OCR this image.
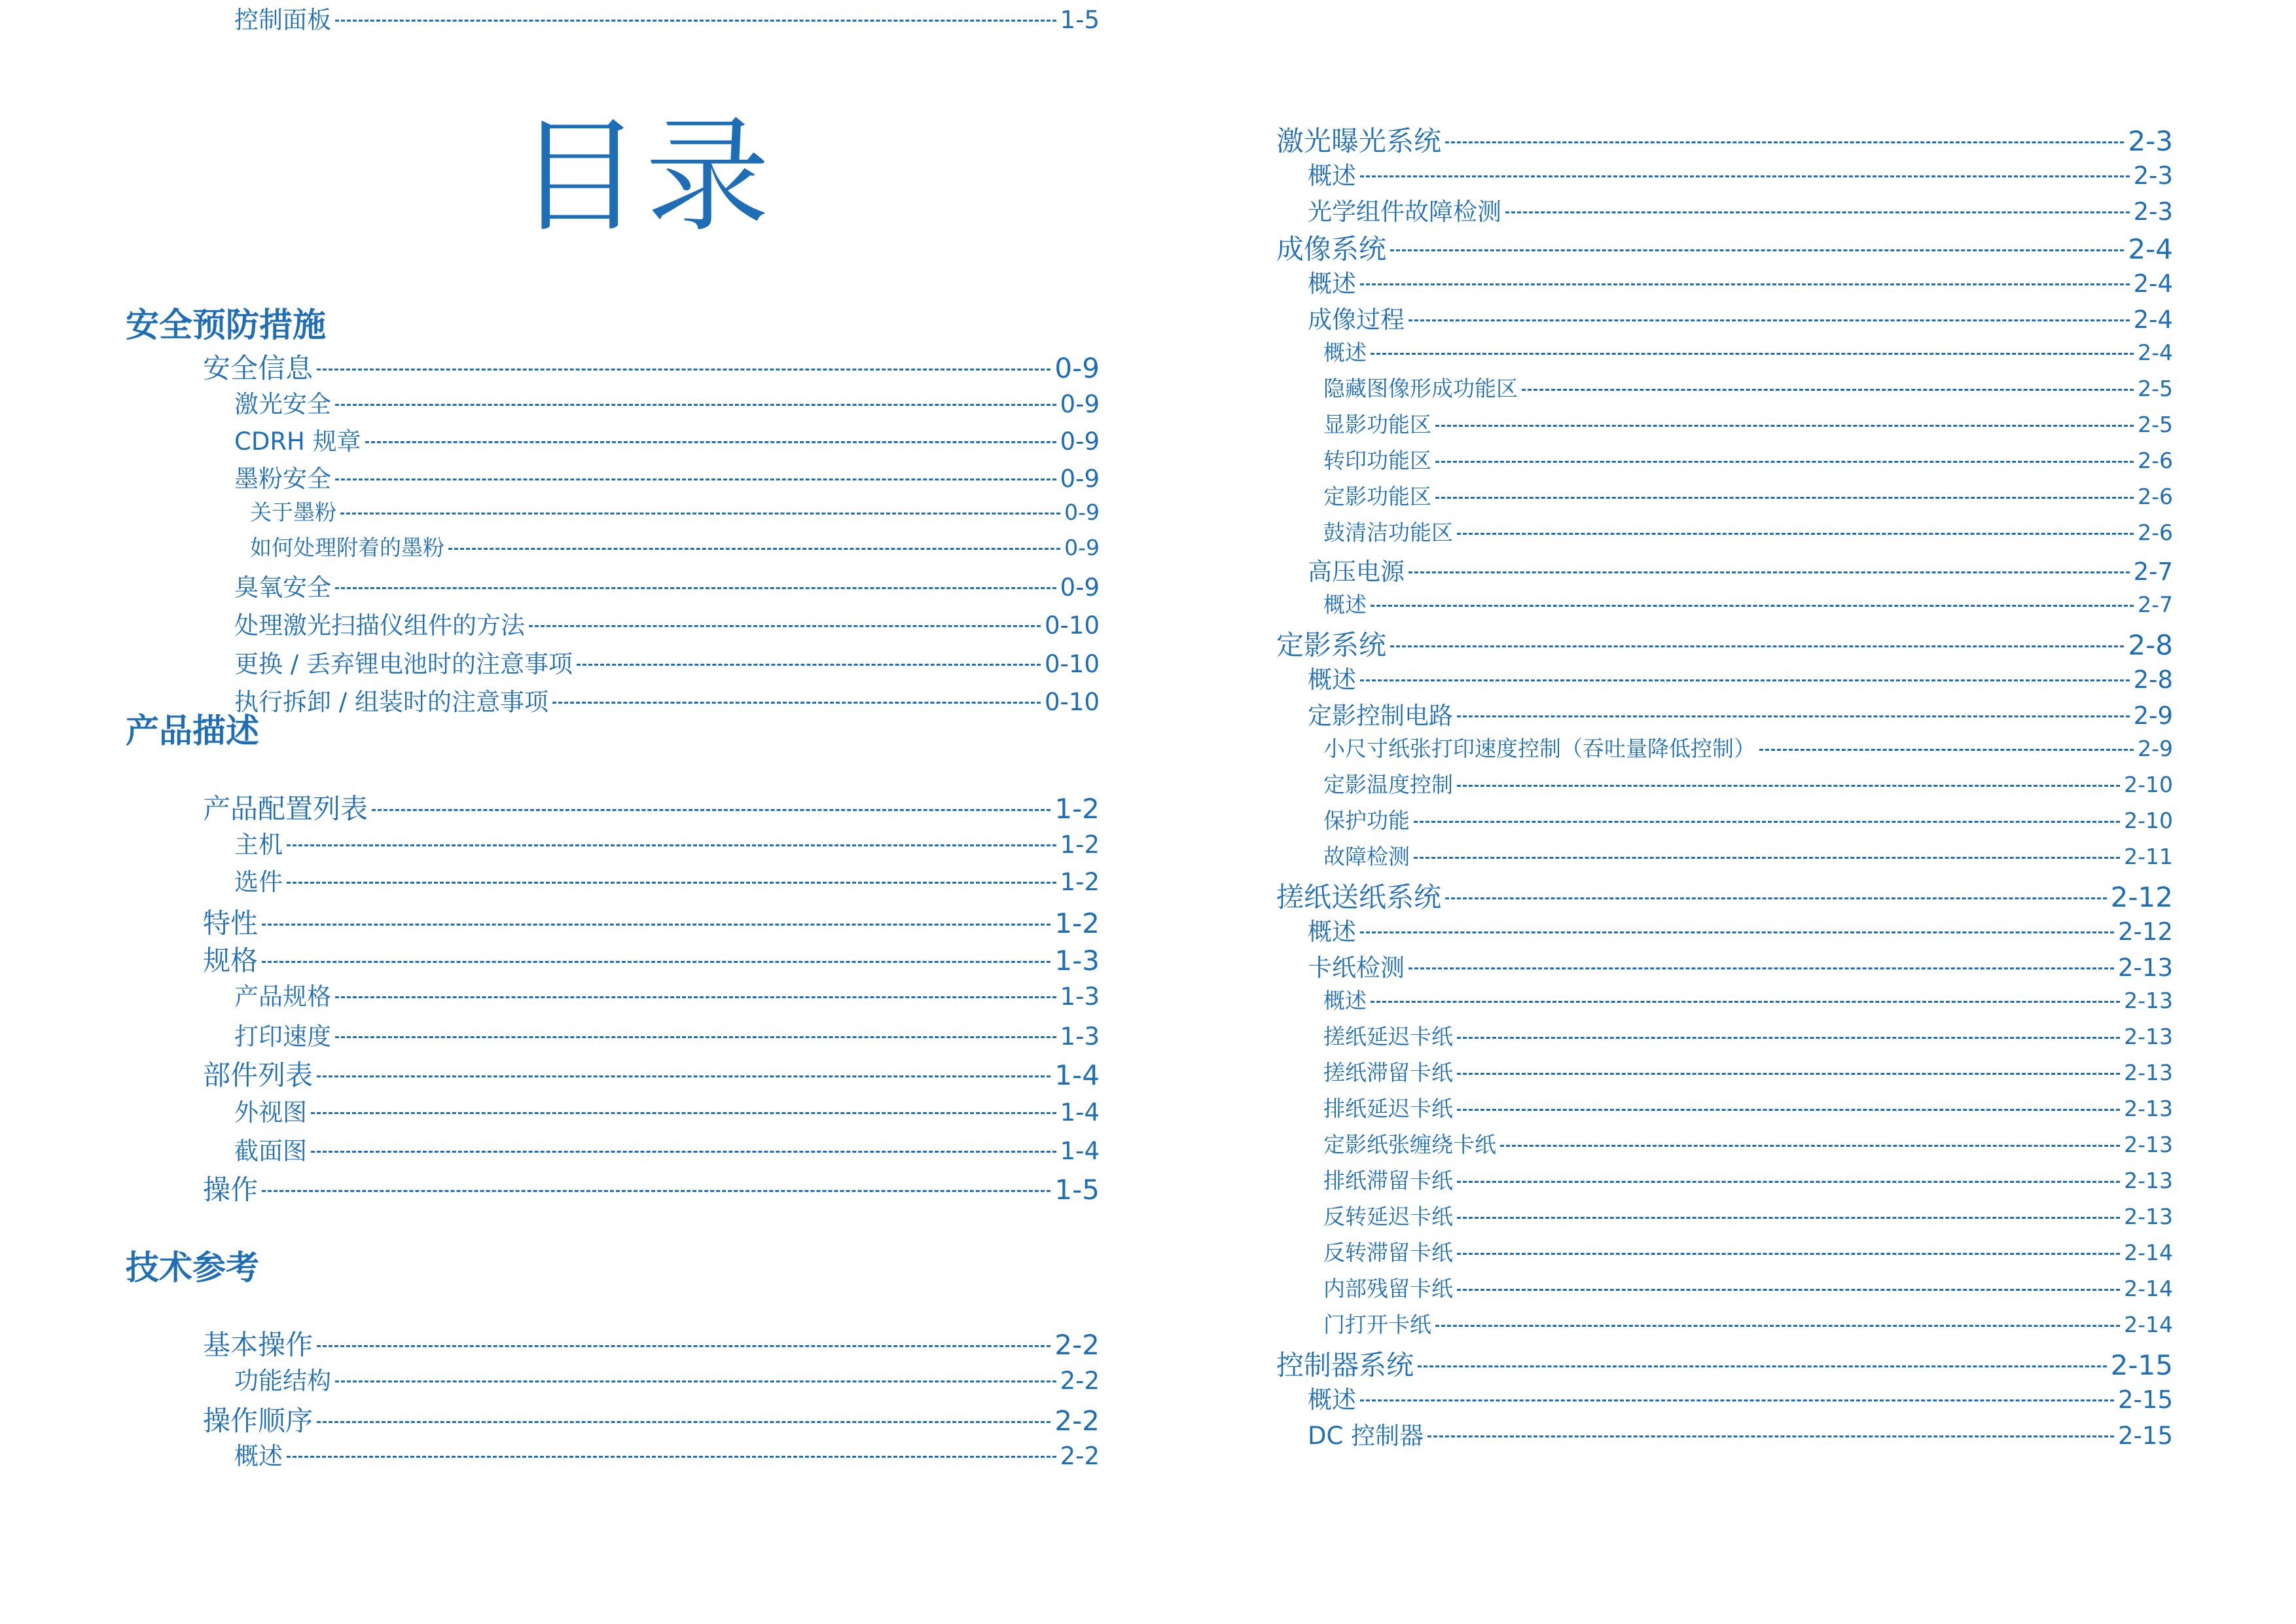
目录
安全预防措施
安全信息	0-9
激光安全	0-9
CDRH 规章	0-9
墨粉安全	0-9
关于墨粉	0-9
如何处理附着的墨粉	0-9
臭氧安全	0-9
处理激光扫描仪组件的方法	0-10
更换 / 丢弃锂电池时的注意事项	0-10
执行拆卸 / 组装时的注意事项	0-10
产品描述
产品配置列表	1-2
主机	1-2
选件	1-2
特性	1-2
规格	1-3
产品规格	1-3
打印速度	1-3
部件列表	1-4
外视图	1-4
截面图	1-4
操作	1-5
控制面板	1-5
技术参考
基本操作	2-2
功能结构	2-2
操作顺序	2-2
概述	2-2
激光曝光系统	2-3
概述	2-3
光学组件故障检测	2-3
成像系统	2-4
概述	2-4
成像过程	2-4
概述	2-4
隐藏图像形成功能区	2-5
显影功能区	2-5
转印功能区	2-6
定影功能区	2-6
鼓清洁功能区	2-6
高压电源	2-7
概述	2-7
定影系统	2-8
概述	2-8
定影控制电路	2-9
小尺寸纸张打印速度控制（吞吐量降低控制）	2-9
定影温度控制	2-10
保护功能	2-10
故障检测	2-11
搓纸送纸系统	2-12
概述	2-12
卡纸检测	2-13
概述	2-13
搓纸延迟卡纸	2-13
搓纸滞留卡纸	2-13
排纸延迟卡纸	2-13
定影纸张缠绕卡纸	2-13
排纸滞留卡纸	2-13
反转延迟卡纸	2-13
反转滞留卡纸	2-14
内部残留卡纸	2-14
门打开卡纸	2-14
控制器系统	2-15
概述	2-15
DC 控制器	2-15
